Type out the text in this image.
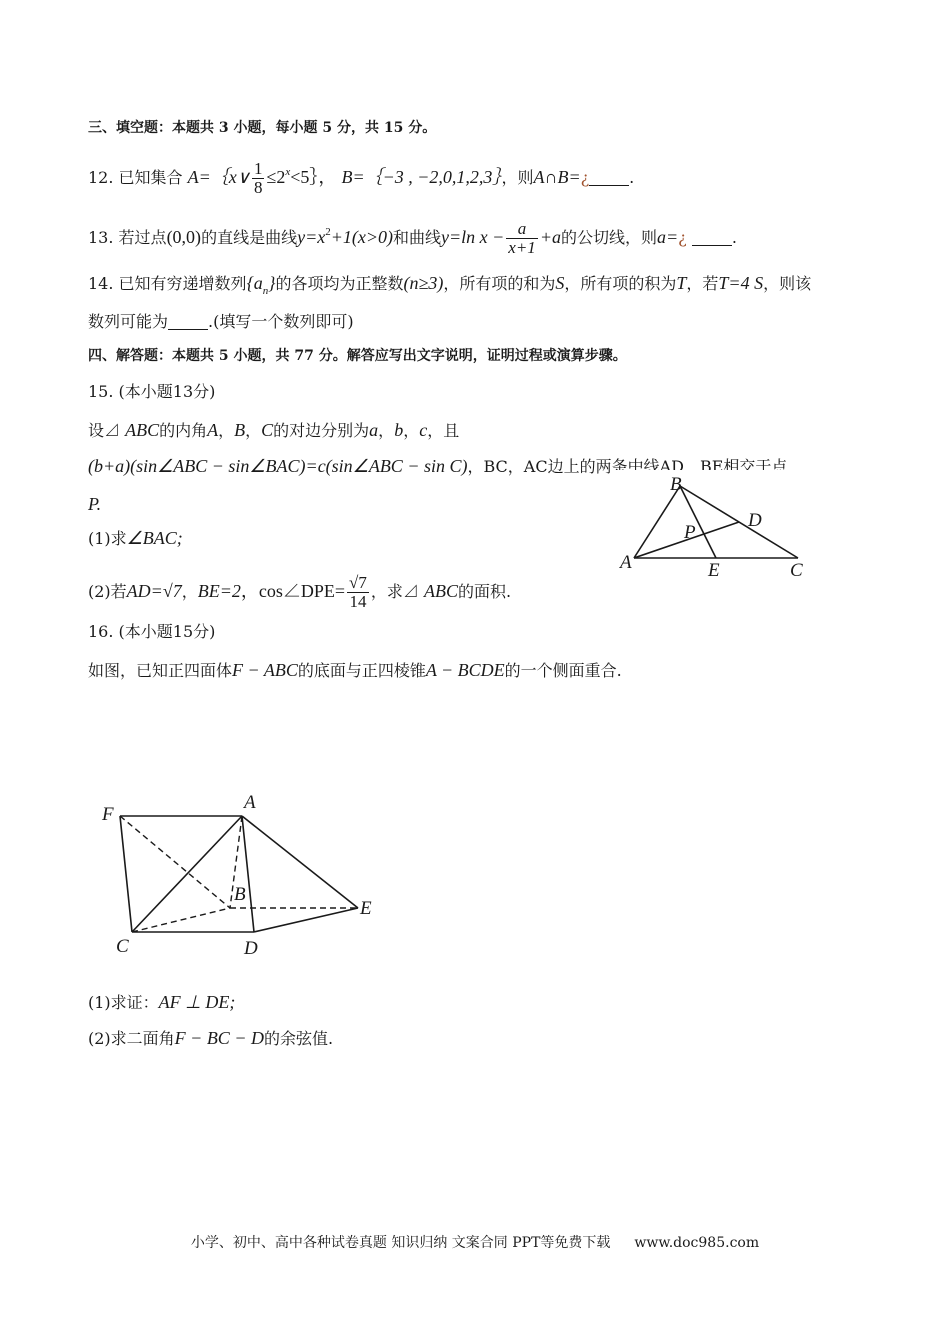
三、填空题：本题共 3 小题，每小题 5 分，共 15 分。
12. 已知集合 A=｛x∨ $\frac{1}{8}$ $\le 2^x<5\}$， B=｛−3 , −2,0,1,2,3｝，则A∩B=¿	.
13. 若过点(0,0)的直线是曲线$y=x^2+1(x>0)$和曲线y=ln $x - \frac{a}{x+1} +a$的公切线，则a=¿	.
14. 已知有穷递增数列$\{a_n\}$的各项均为正整数(n≥3)，所有项的和为S，所有项的积为T，若T=4 S，则该
数列可能为	.(填写一个数列即可)
四、解答题：本题共 5 小题，共 77 分。解答应写出文字说明，证明过程或演算步骤。
15. (本小题13分)
设⊿ ABC的内角A，B，C的对边分别为a，b，c，且
(b+a)(sin∠ABC − sin∠BAC)=c(sin∠ABC − sin C)，BC，AC边上的两条中线AD，BE相交于点
P.
B
D
P
A	E	C
(1)求∠BAC;
(2)若AD=√7，BE=2，cos∠DPE= $\frac{√7}{14}$ ，求⊿ ABC的面积.
16. (本小题15分)
如图，已知正四面体F − ABC的底面与正四棱锥A − BCDE的一个侧面重合.
F
A
B
E
C	D
(1)求证：AF ⊥ DE;
(2)求二面角F − BC − D的余弦值.
小学、初中、高中各种试卷真题 知识归纳 文案合同 PPT等免费下载 www.doc985.com
